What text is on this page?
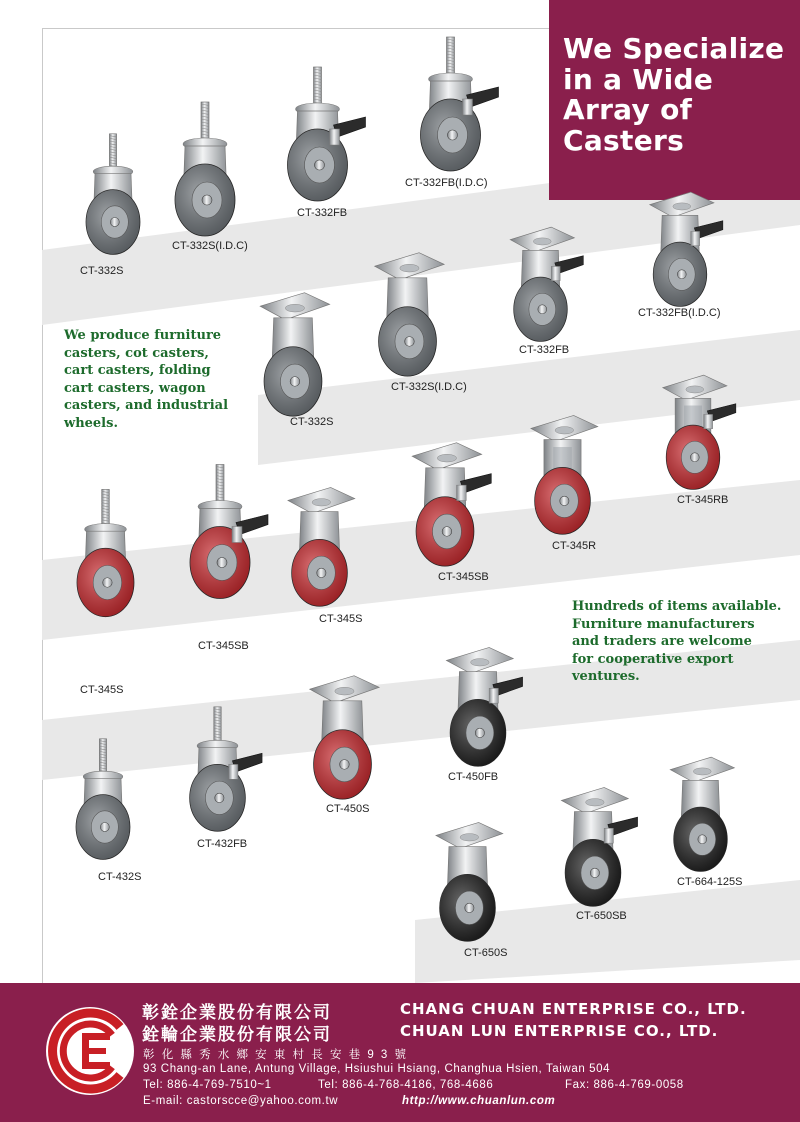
We Specialize
in a Wide
Array of
Casters
We produce furniture
casters, cot casters,
cart casters, folding
cart casters, wagon
casters, and industrial
wheels.
Hundreds of items available.
Furniture manufacturers
and traders are welcome
for cooperative export
ventures.
CT-332S
CT-332S(I.D.C)
CT-332FB
CT-332FB(I.D.C)
CT-332S
CT-332S(I.D.C)
CT-332FB
CT-332FB(I.D.C)
CT-345S
CT-345SB
CT-345S
CT-345SB
CT-345R
CT-345RB
CT-432S
CT-432FB
CT-450S
CT-450FB
CT-650S
CT-650SB
CT-664-125S
彰銓企業股份有限公司	CHANG CHUAN ENTERPRISE CO., LTD.
銓輪企業股份有限公司	CHUAN LUN ENTERPRISE CO., LTD.
彰 化 縣 秀 水 鄉 安 東 村 長 安 巷 9 3 號
93 Chang-an Lane, Antung Village, Hsiushui Hsiang, Changhua Hsien, Taiwan 504
Tel: 886-4-769-7510~1	Tel: 886-4-768-4186, 768-4686	Fax: 886-4-769-0058
E-mail: castorscce@yahoo.com.tw	http://www.chuanlun.com
